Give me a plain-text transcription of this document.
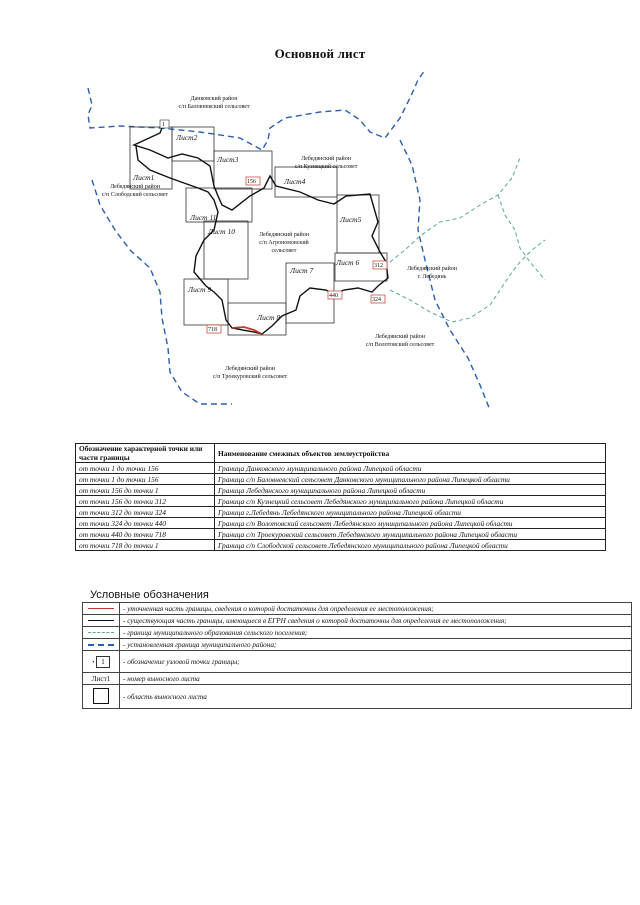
Основной лист
1
156
312
324
440
718
Лист1
Лист2
Лист3
Лист4
Лист5
Лист 6
Лист 7
Лист 8
Лист 9
Лист 10
Лист 11
Данковский район
с/п Баловневский сельсовет
Лебедянский район
с/п Кузнецкий сельсовет
Лебедянский район
с/п Слободский сельсовет
Лебедянский район
с/п Агрономовский
сельсовет
Лебедянский район
г. Лебедянь
Лебедянский район
с/п Волотовский сельсовет
Лебедянский район
с/п Троекуровский сельсовет
Обозначение характерной точки или части границы	Наименование смежных объектов землеустройства
от точки 1 до точки 156	Граница Данковского муниципального района Липецкой области
от точки 1 до точки 156	Граница с/п Баловневский сельсовет Данковского муниципального района Липецкой области
от точки 156 до точки 1	Граница Лебедянского муниципального района Липецкой области
от точки 156 до точки 312	Граница с/п Кузнецкий сельсовет Лебедянского муниципального района Липецкой области
от точки 312 до точки 324	Граница г.Лебедянь Лебедянского муниципального района Липецкой области
от точки 324 до точки 440	Граница с/п Волотовский сельсовет Лебедянского муниципального района Липецкой области
от точки 440 до точки 718	Граница с/п Троекуровский сельсовет Лебедянского муниципального района Липецкой области
от точки 718 до точки 1	Граница с/п Слободской сельсовет Лебедянского муниципального района Липецкой области
Условные обозначения
	- уточненная часть границы, сведения о которой достаточны для определения ее местоположения;
	- существующая часть границы, имеющиеся в ЕГРН сведения о которой достаточны для определения ее местоположения;
	- граница муниципального образования сельского поселения;
	- установленная граница муниципального района;
• 1	- обозначение узловой точки границы;
Лист1	- номер выносного листа
	- область выносного листа
